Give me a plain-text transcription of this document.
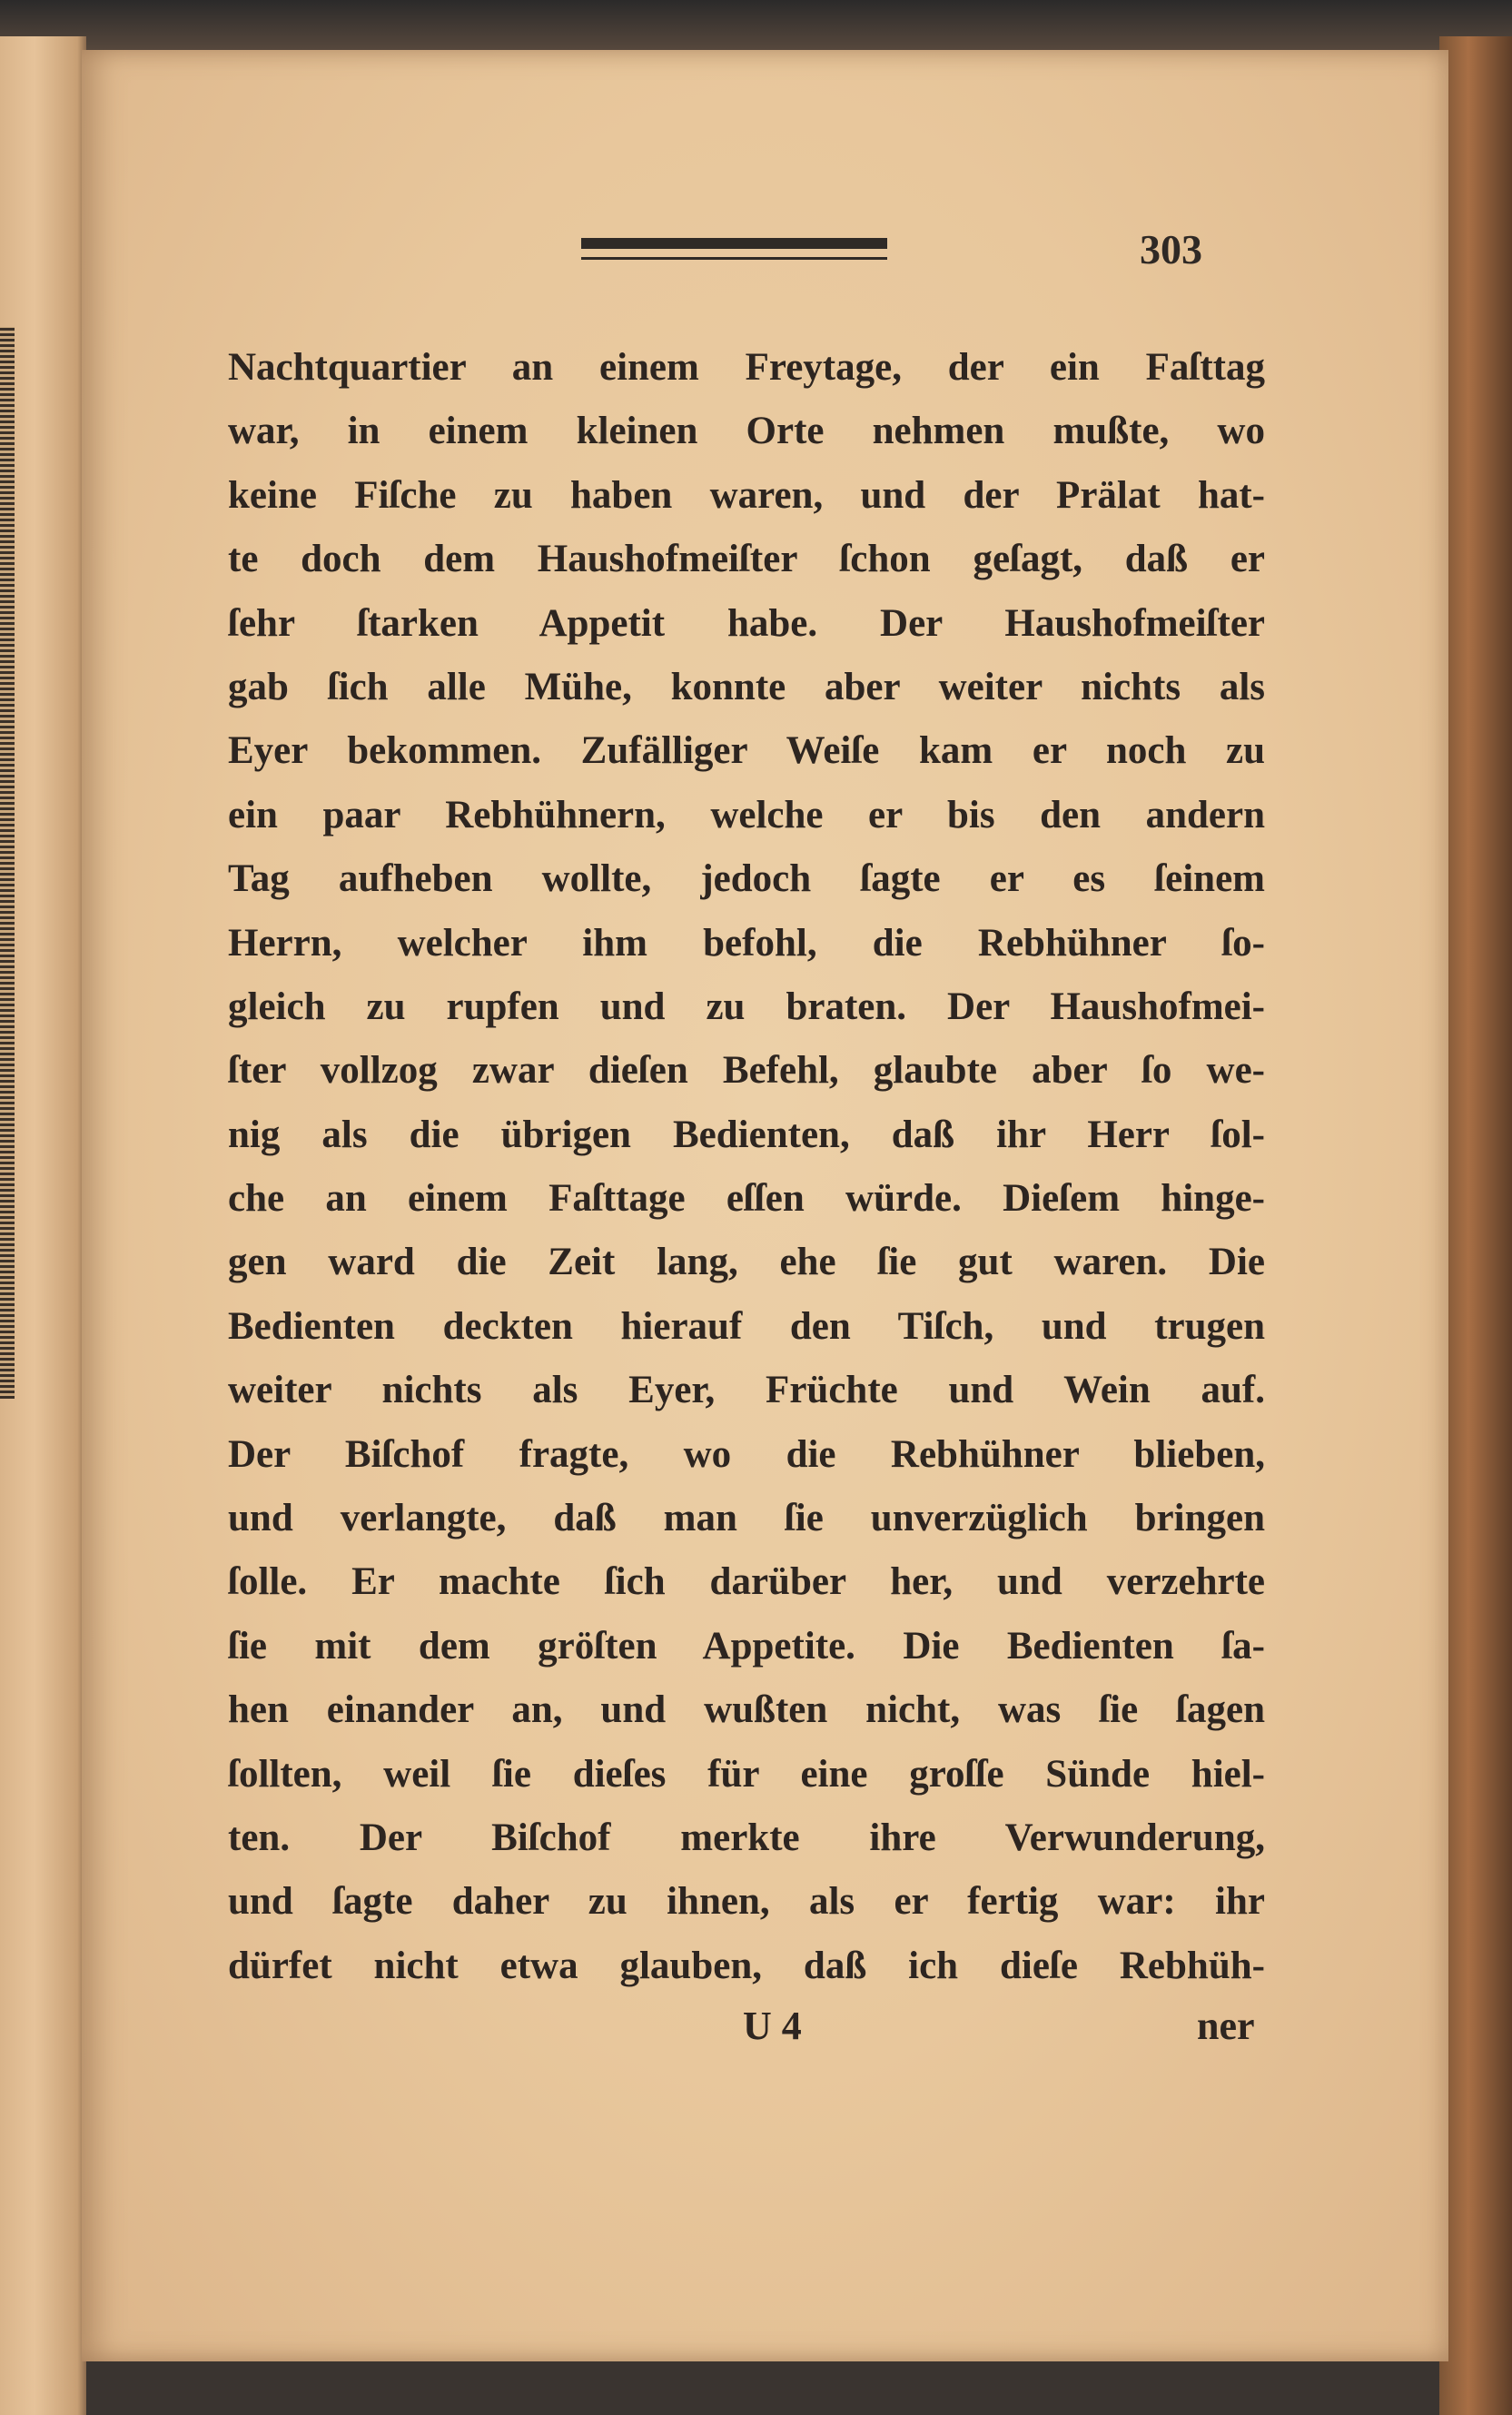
303
Nachtquartier an einem Freytage, der ein Faſttag
war, in einem kleinen Orte nehmen mußte, wo
keine Fiſche zu haben waren, und der Prälat hat-
te doch dem Haushofmeiſter ſchon geſagt, daß er
ſehr ſtarken Appetit habe. Der Haushofmeiſter
gab ſich alle Mühe, konnte aber weiter nichts als
Eyer bekommen. Zufälliger Weiſe kam er noch zu
ein paar Rebhühnern, welche er bis den andern
Tag aufheben wollte, jedoch ſagte er es ſeinem
Herrn, welcher ihm befohl, die Rebhühner ſo-
gleich zu rupfen und zu braten. Der Haushofmei-
ſter vollzog zwar dieſen Befehl, glaubte aber ſo we-
nig als die übrigen Bedienten, daß ihr Herr ſol-
che an einem Faſttage eſſen würde. Dieſem hinge-
gen ward die Zeit lang, ehe ſie gut waren. Die
Bedienten deckten hierauf den Tiſch, und trugen
weiter nichts als Eyer, Früchte und Wein auf.
Der Biſchof fragte, wo die Rebhühner blieben,
und verlangte, daß man ſie unverzüglich bringen
ſolle. Er machte ſich darüber her, und verzehrte
ſie mit dem gröſten Appetite. Die Bedienten ſa-
hen einander an, und wußten nicht, was ſie ſagen
ſollten, weil ſie dieſes für eine groſſe Sünde hiel-
ten. Der Biſchof merkte ihre Verwunderung,
und ſagte daher zu ihnen, als er fertig war: ihr
dürfet nicht etwa glauben, daß ich dieſe Rebhüh-
U 4	ner
